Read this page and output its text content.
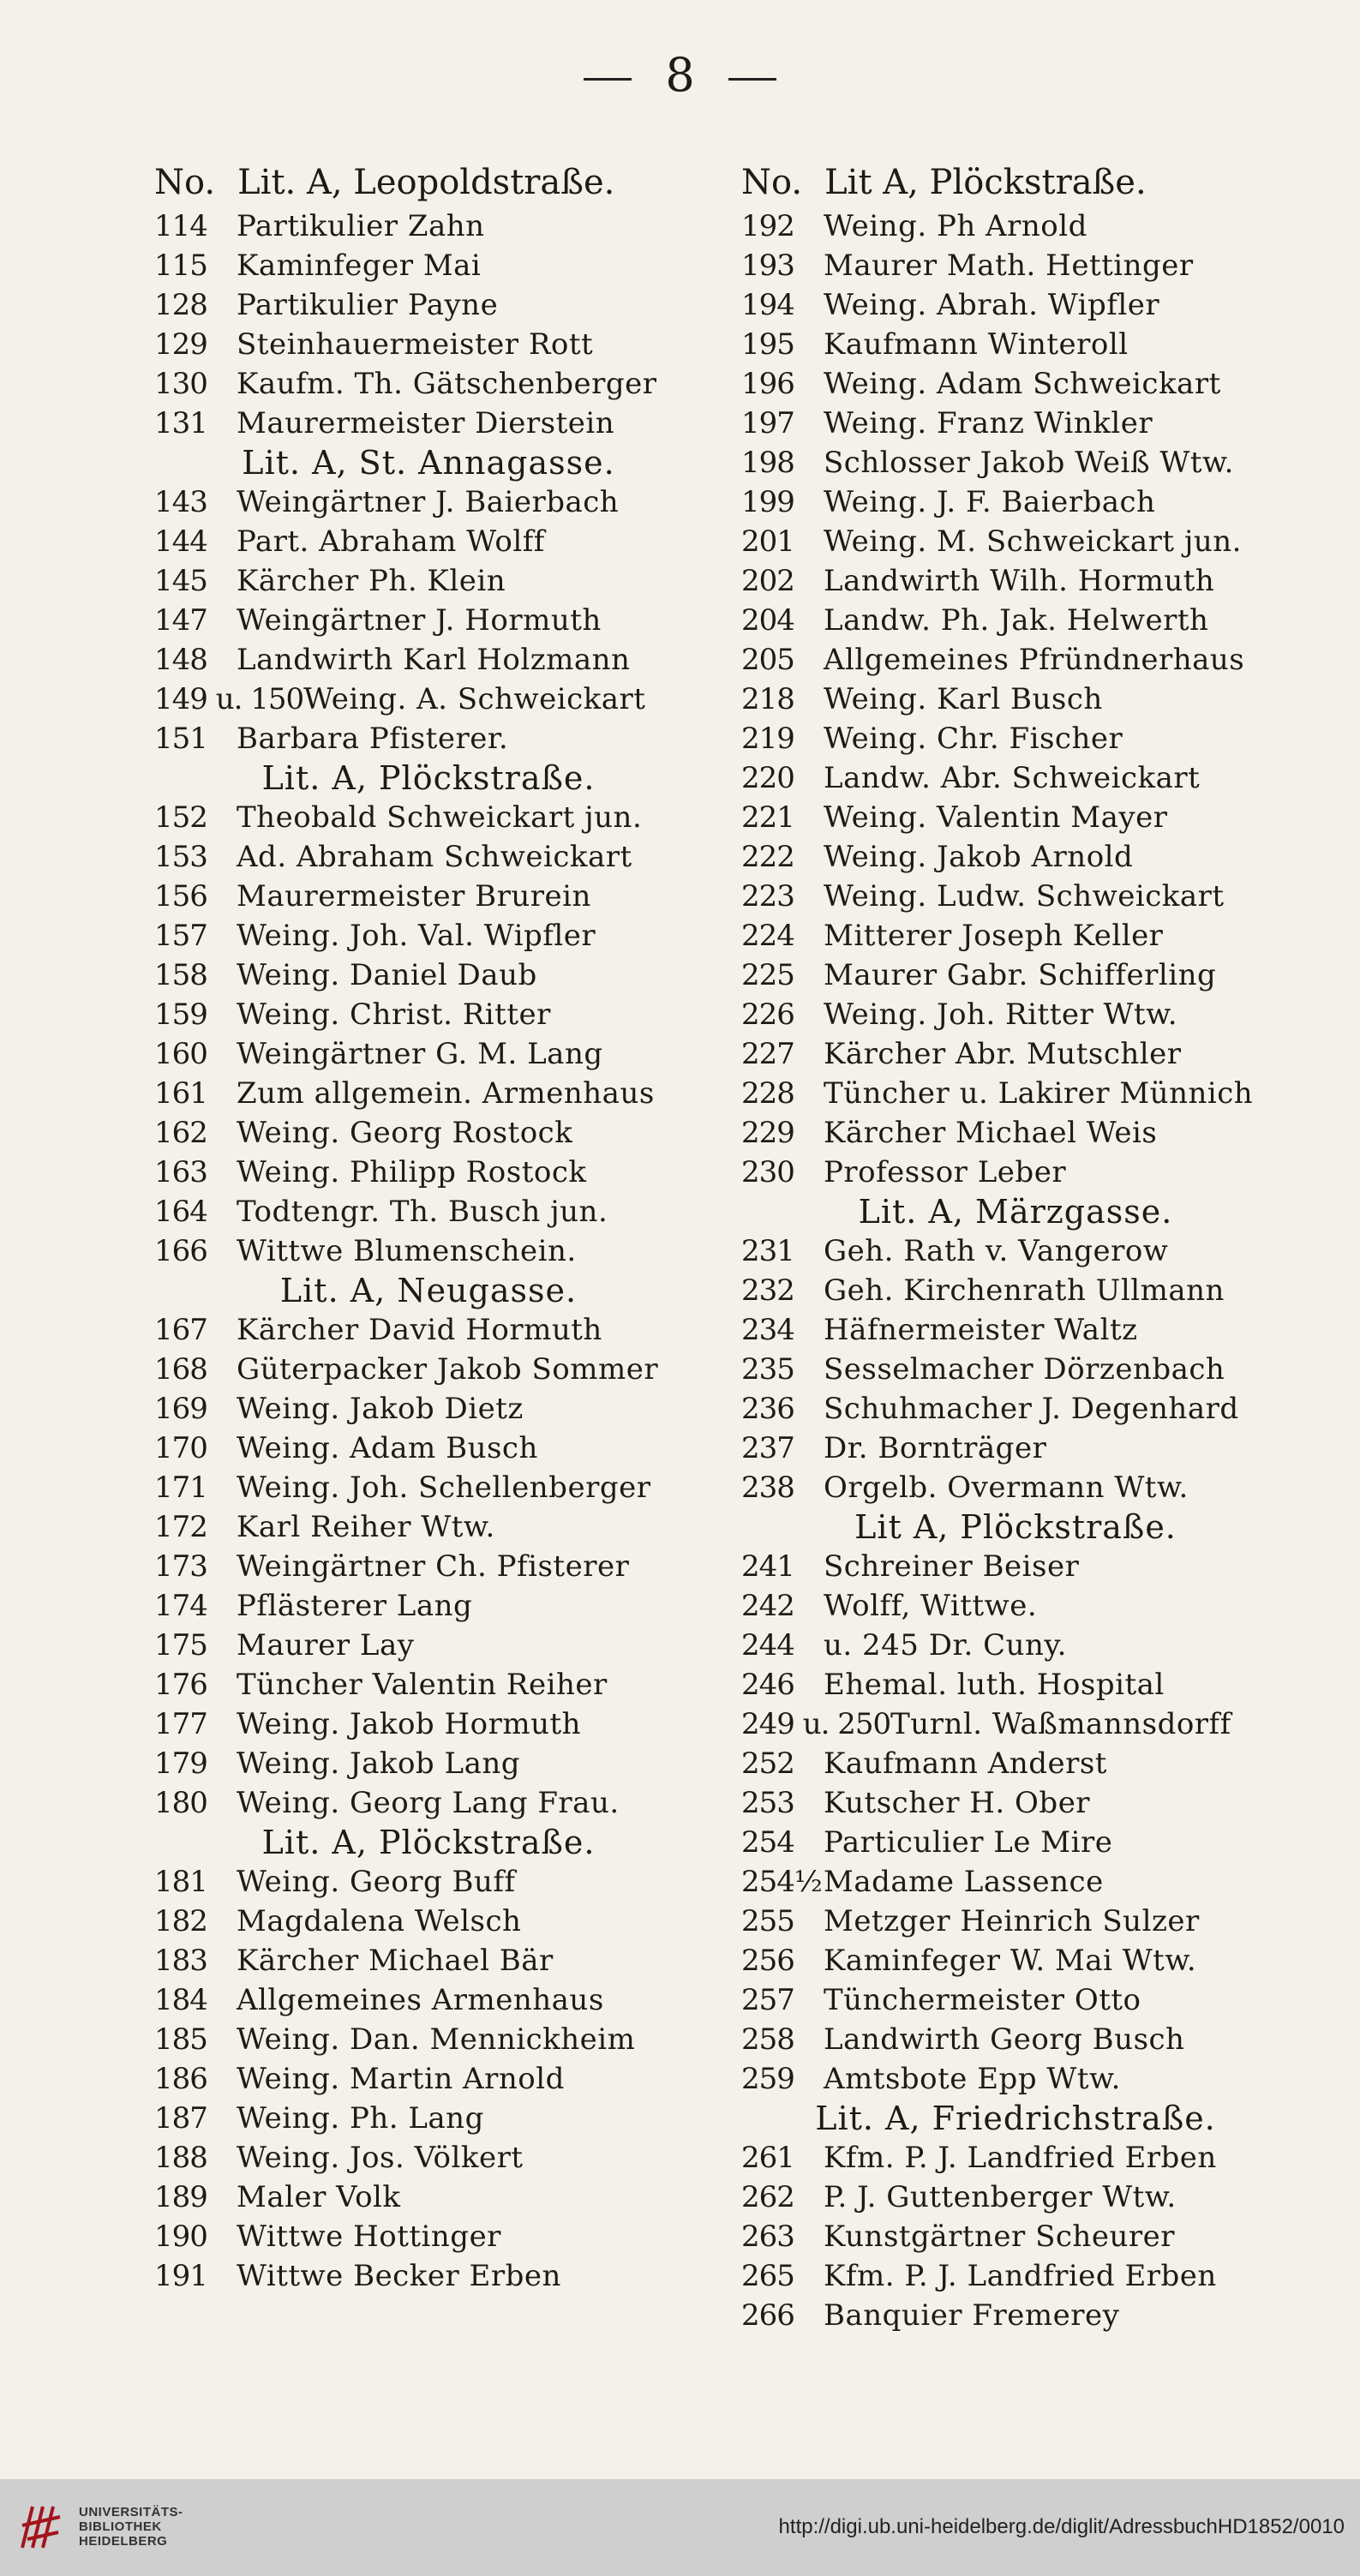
8
No. Lit. A, Leopoldstraße.
114	Partikulier Zahn
115	Kaminfeger Mai
128	Partikulier Payne
129	Steinhauermeister Rott
130	Kaufm. Th. Gätschenberger
131	Maurermeister Dierstein
Lit. A, St. Annagasse.
143	Weingärtner J. Baierbach
144	Part. Abraham Wolff
145	Kärcher Ph. Klein
147	Weingärtner J. Hormuth
148	Landwirth Karl Holzmann
149 u. 150 Weing. A. Schweickart
151	Barbara Pfisterer.
Lit. A, Plöckstraße.
152	Theobald Schweickart jun.
153	Ad. Abraham Schweickart
156	Maurermeister Brurein
157	Weing. Joh. Val. Wipfler
158	Weing. Daniel Daub
159	Weing. Christ. Ritter
160	Weingärtner G. M. Lang
161	Zum allgemein. Armenhaus
162	Weing. Georg Rostock
163	Weing. Philipp Rostock
164	Todtengr. Th. Busch jun.
166	Wittwe Blumenschein.
Lit. A, Neugasse.
167	Kärcher David Hormuth
168	Güterpacker Jakob Sommer
169	Weing. Jakob Dietz
170	Weing. Adam Busch
171	Weing. Joh. Schellenberger
172	Karl Reiher Wtw.
173	Weingärtner Ch. Pfisterer
174	Pflästerer Lang
175	Maurer Lay
176	Tüncher Valentin Reiher
177	Weing. Jakob Hormuth
179	Weing. Jakob Lang
180	Weing. Georg Lang Frau.
Lit. A, Plöckstraße.
181	Weing. Georg Buff
182	Magdalena Welsch
183	Kärcher Michael Bär
184	Allgemeines Armenhaus
185	Weing. Dan. Mennickheim
186	Weing. Martin Arnold
187	Weing. Ph. Lang
188	Weing. Jos. Völkert
189	Maler Volk
190	Wittwe Hottinger
191	Wittwe Becker Erben
No. Lit A, Plöckstraße.
192	Weing. Ph Arnold
193	Maurer Math. Hettinger
194	Weing. Abrah. Wipfler
195	Kaufmann Winteroll
196	Weing. Adam Schweickart
197	Weing. Franz Winkler
198	Schlosser Jakob Weiß Wtw.
199	Weing. J. F. Baierbach
201	Weing. M. Schweickart jun.
202	Landwirth Wilh. Hormuth
204	Landw. Ph. Jak. Helwerth
205	Allgemeines Pfründnerhaus
218	Weing. Karl Busch
219	Weing. Chr. Fischer
220	Landw. Abr. Schweickart
221	Weing. Valentin Mayer
222	Weing. Jakob Arnold
223	Weing. Ludw. Schweickart
224	Mitterer Joseph Keller
225	Maurer Gabr. Schifferling
226	Weing. Joh. Ritter Wtw.
227	Kärcher Abr. Mutschler
228	Tüncher u. Lakirer Münnich
229	Kärcher Michael Weis
230	Professor Leber
Lit. A, Märzgasse.
231	Geh. Rath v. Vangerow
232	Geh. Kirchenrath Ullmann
234	Häfnermeister Waltz
235	Sesselmacher Dörzenbach
236	Schuhmacher J. Degenhard
237	Dr. Bornträger
238	Orgelb. Overmann Wtw.
Lit A, Plöckstraße.
241	Schreiner Beiser
242	Wolff, Wittwe.
244	u. 245 Dr. Cuny.
246	Ehemal. luth. Hospital
249 u. 250 Turnl. Waßmannsdorff
252	Kaufmann Anderst
253	Kutscher H. Ober
254	Particulier Le Mire
254½ Madame Lassence
255	Metzger Heinrich Sulzer
256	Kaminfeger W. Mai Wtw.
257	Tünchermeister Otto
258	Landwirth Georg Busch
259	Amtsbote Epp Wtw.
Lit. A, Friedrichstraße.
261	Kfm. P. J. Landfried Erben
262	P. J. Guttenberger Wtw.
263	Kunstgärtner Scheurer
265	Kfm. P. J. Landfried Erben
266	Banquier Fremerey
UNIVERSITÄTS-
BIBLIOTHEK
HEIDELBERG
http://digi.ub.uni-heidelberg.de/diglit/AdressbuchHD1852/0010
